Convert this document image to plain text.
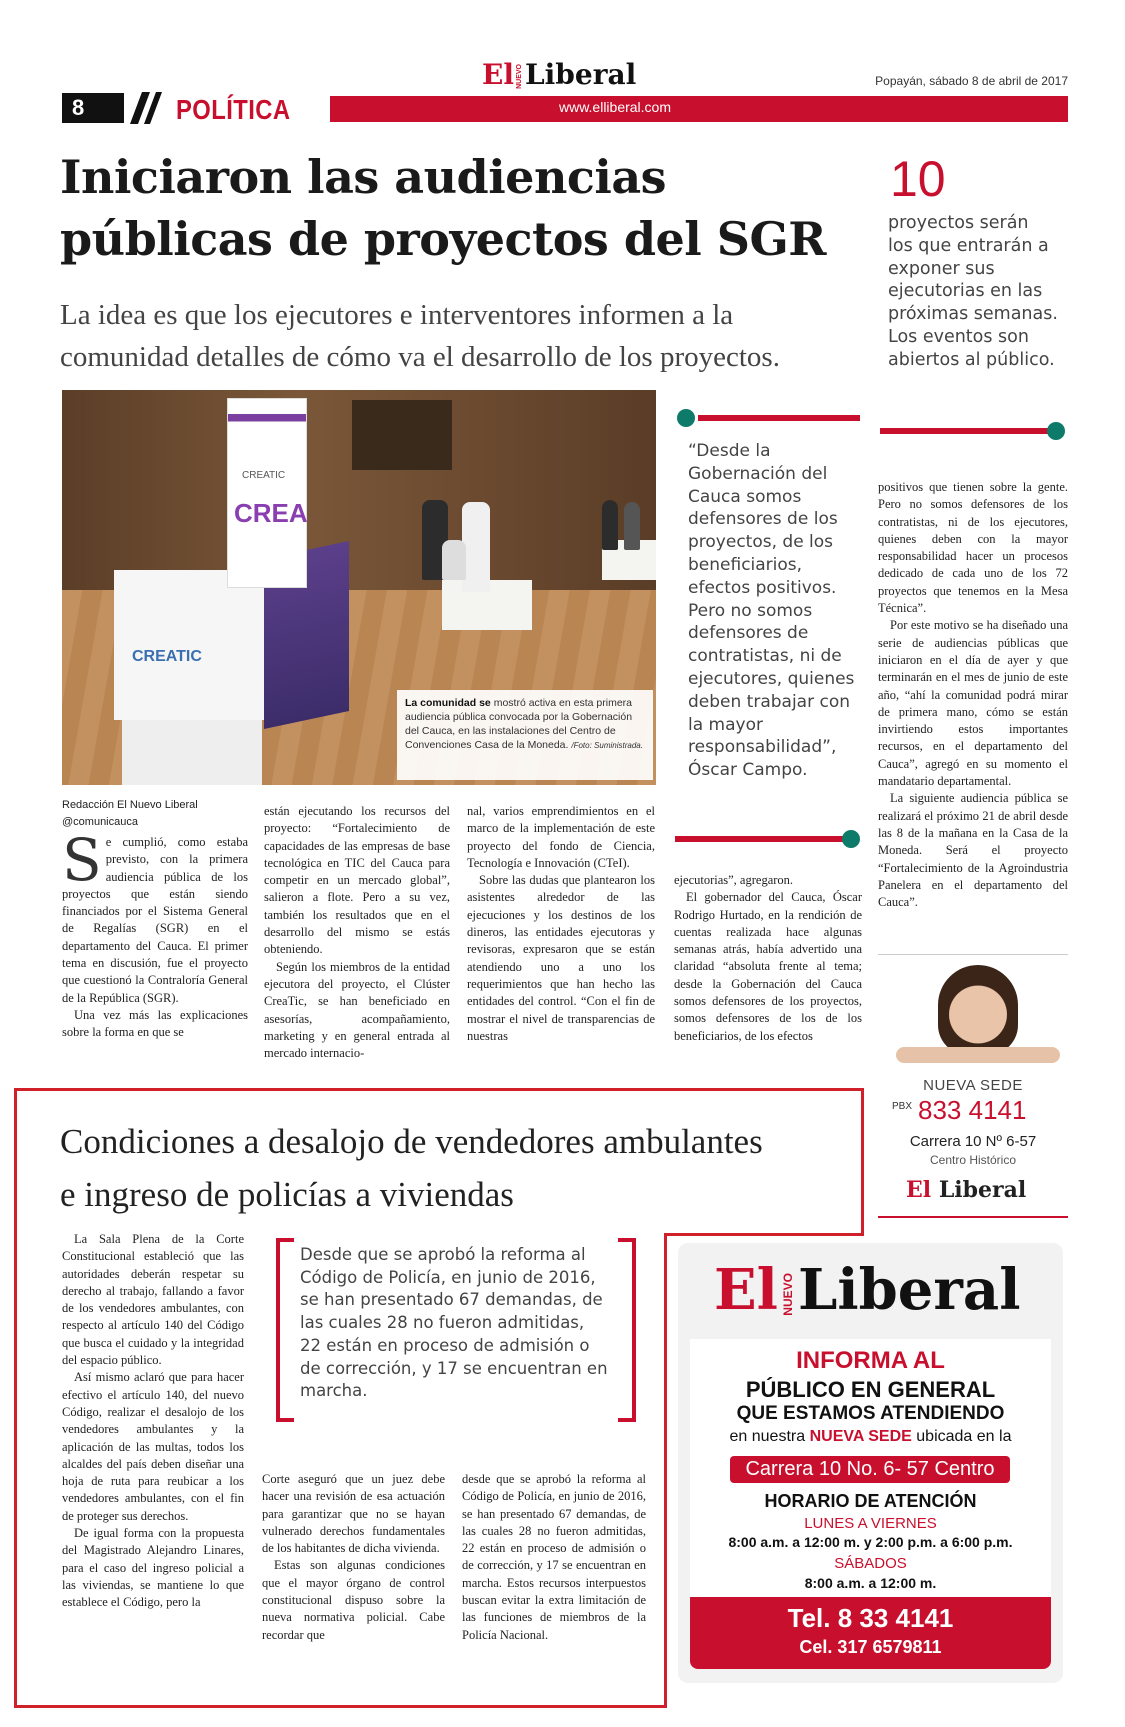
El NUEVOLiberal	Popayán, sábado 8 de abril de 2017
www.elliberal.com
8	POLÍTICA
Iniciaron las audiencias públicas de proyectos del SGR
La idea es que los ejecutores e interventores informen a la comunidad detalles de cómo va el desarrollo de los proyectos.
10
proyectos serán los que entrarán a exponer sus ejecutorias en las próximas semanas. Los eventos son abiertos al público.
CREA
CREATIC
CREATIC
La comunidad se mostró activa en esta primera audiencia pública convocada por la Gobernación del Cauca, en las instalaciones del Centro de Convenciones Casa de la Moneda. /Foto: Suministrada.
“Desde la Gobernación del Cauca somos defensores de los proyectos, de los beneficiarios, efectos positivos. Pero no somos defensores de contratistas, ni de ejecutores, quienes deben trabajar con la mayor responsabilidad”, Óscar Campo.
Redacción El Nuevo Liberal
@comunicauca
S e cumplió, como estaba previsto, con la primera audiencia pública de los proyectos que están siendo financiados por el Sistema General de Regalías (SGR) en el departamento del Cauca. El primer tema en discusión, fue el proyecto que cuestionó la Contraloría General de la República (SGR).

Una vez más las explicaciones sobre la forma en que se

están ejecutando los recursos del proyecto: “Fortalecimiento de capacidades de las empresas de base tecnológica en TIC del Cauca para competir en un mercado global”, salieron a flote. Pero a su vez, también los resultados que en el desarrollo del mismo se estás obteniendo.

Según los miembros de la entidad ejecutora del proyecto, el Clúster CreaTic, se han beneficiado en asesorías, acompañamiento, marketing y en general entrada al mercado internacio-

nal, varios emprendimientos en el marco de la implementación de este proyecto del fondo de Ciencia, Tecnología e Innovación (CTeI).

Sobre las dudas que plantearon los asistentes alrededor de las ejecuciones y los destinos de los dineros, las entidades ejecutoras y revisoras, expresaron que se están atendiendo uno a uno los requerimientos que han hecho las entidades del control. “Con el fin de mostrar el nivel de transparencias de nuestras

ejecutorias”, agregaron.

El gobernador del Cauca, Óscar Rodrigo Hurtado, en la rendición de cuentas realizada hace algunas semanas atrás, había advertido una claridad “absoluta frente al tema; desde la Gobernación del Cauca somos defensores de los proyectos, somos defensores de los de los beneficiarios, de los efectos

positivos que tienen sobre la gente. Pero no somos defensores de los contratistas, ni de los ejecutores, quienes deben con la mayor responsabilidad hacer un procesos dedicado de cada uno de los 72 proyectos que tenemos en la Mesa Técnica”.

Por este motivo se ha diseñado una serie de audiencias públicas que iniciaron en el día de ayer y que terminarán en el mes de junio de este año, “ahí la comunidad podrá mirar de primera mano, cómo se están invirtiendo estos importantes recursos, en el departamento del Cauca”, agregó en su momento el mandatario departamental.

La siguiente audiencia pública se realizará el próximo 21 de abril desde las 8 de la mañana en la Casa de la Moneda. Será el proyecto “Fortalecimiento de la Agroindustria Panelera en el departamento del Cauca”.

NUEVA SEDE
PBX 833 4141
Carrera 10 Nº 6-57
Centro Histórico
El Liberal
Condiciones a desalojo de vendedores ambulantes e ingreso de policías a viviendas
Desde que se aprobó la reforma al Código de Policía, en junio de 2016, se han presentado 67 demandas, de las cuales 28 no fueron admitidas, 22 están en proceso de admisión o de corrección, y 17 se encuentran en marcha.

La Sala Plena de la Corte Constitucional estableció que las autoridades deberán respetar su derecho al trabajo, fallando a favor de los vendedores ambulantes, con respecto al artículo 140 del Código que busca el cuidado y la integridad del espacio público.

Así mismo aclaró que para hacer efectivo el artículo 140, del nuevo Código, realizar el desalojo de los vendedores ambulantes y la aplicación de las multas, todos los alcaldes del país deben diseñar una hoja de ruta para reubicar a los vendedores ambulantes, con el fin de proteger sus derechos.

De igual forma con la propuesta del Magistrado Alejandro Linares, para el caso del ingreso policial a las viviendas, se mantiene lo que establece el Código, pero la

Corte aseguró que un juez debe hacer una revisión de esa actuación para garantizar que no se hayan vulnerado derechos fundamentales de los habitantes de dicha vivienda.

Estas son algunas condiciones que el mayor órgano de control constitucional dispuso sobre la nueva normativa policial. Cabe recordar que

desde que se aprobó la reforma al Código de Policía, en junio de 2016, se han presentado 67 demandas, de las cuales 28 no fueron admitidas, 22 están en proceso de admisión o de corrección, y 17 se encuentran en marcha. Estos recursos interpuestos buscan evitar la extra limitación de las funciones de miembros de la Policía Nacional.

El NUEVOLiberal
INFORMA AL
PÚBLICO EN GENERAL
QUE ESTAMOS ATENDIENDO
en nuestra NUEVA SEDE ubicada en la
Carrera 10 No. 6- 57 Centro
HORARIO DE ATENCIÓN
LUNES A VIERNES
8:00 a.m. a 12:00 m. y 2:00 p.m. a 6:00 p.m.
SÁBADOS
8:00 a.m. a 12:00 m.
Tel. 8 33 4141
Cel. 317 6579811
